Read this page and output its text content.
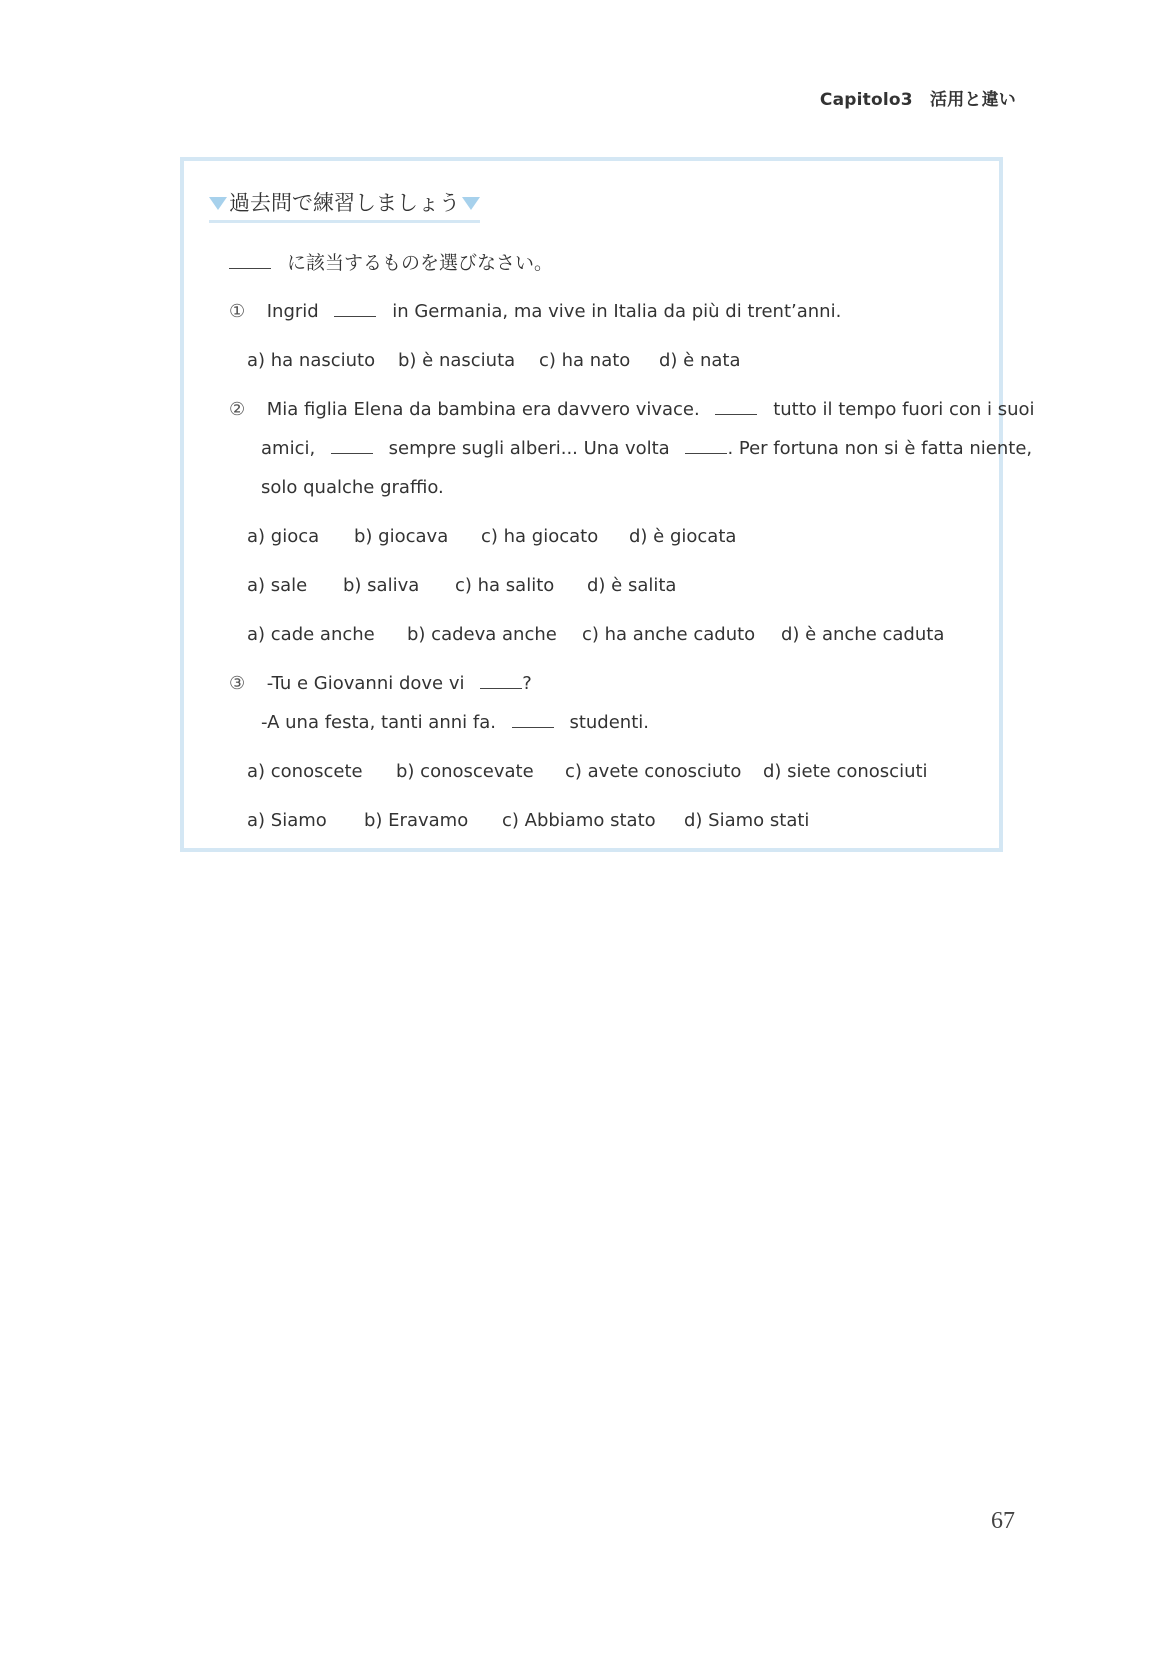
Capitolo3　活用と違い
過去問で練習しましょう
に該当するものを選びなさい。
① Ingrid	in Germania, ma vive in Italia da più di trent’anni.
a) ha nasciuto b) è nasciuta c) ha nato d) è nata
② Mia figlia Elena da bambina era davvero vivace.	tutto il tempo fuori con i suoi
amici,	sempre sugli alberi... Una volta	. Per fortuna non si è fatta niente,
solo qualche graffio.
a) gioca b) giocava c) ha giocato d) è giocata
a) sale b) saliva c) ha salito d) è salita
a) cade anche b) cadeva anche c) ha anche caduto d) è anche caduta
③ -Tu e Giovanni dove vi	?
-A una festa, tanti anni fa.	studenti.
a) conoscete b) conoscevate c) avete conosciuto d) siete conosciuti
a) Siamo b) Eravamo c) Abbiamo stato d) Siamo stati
67
